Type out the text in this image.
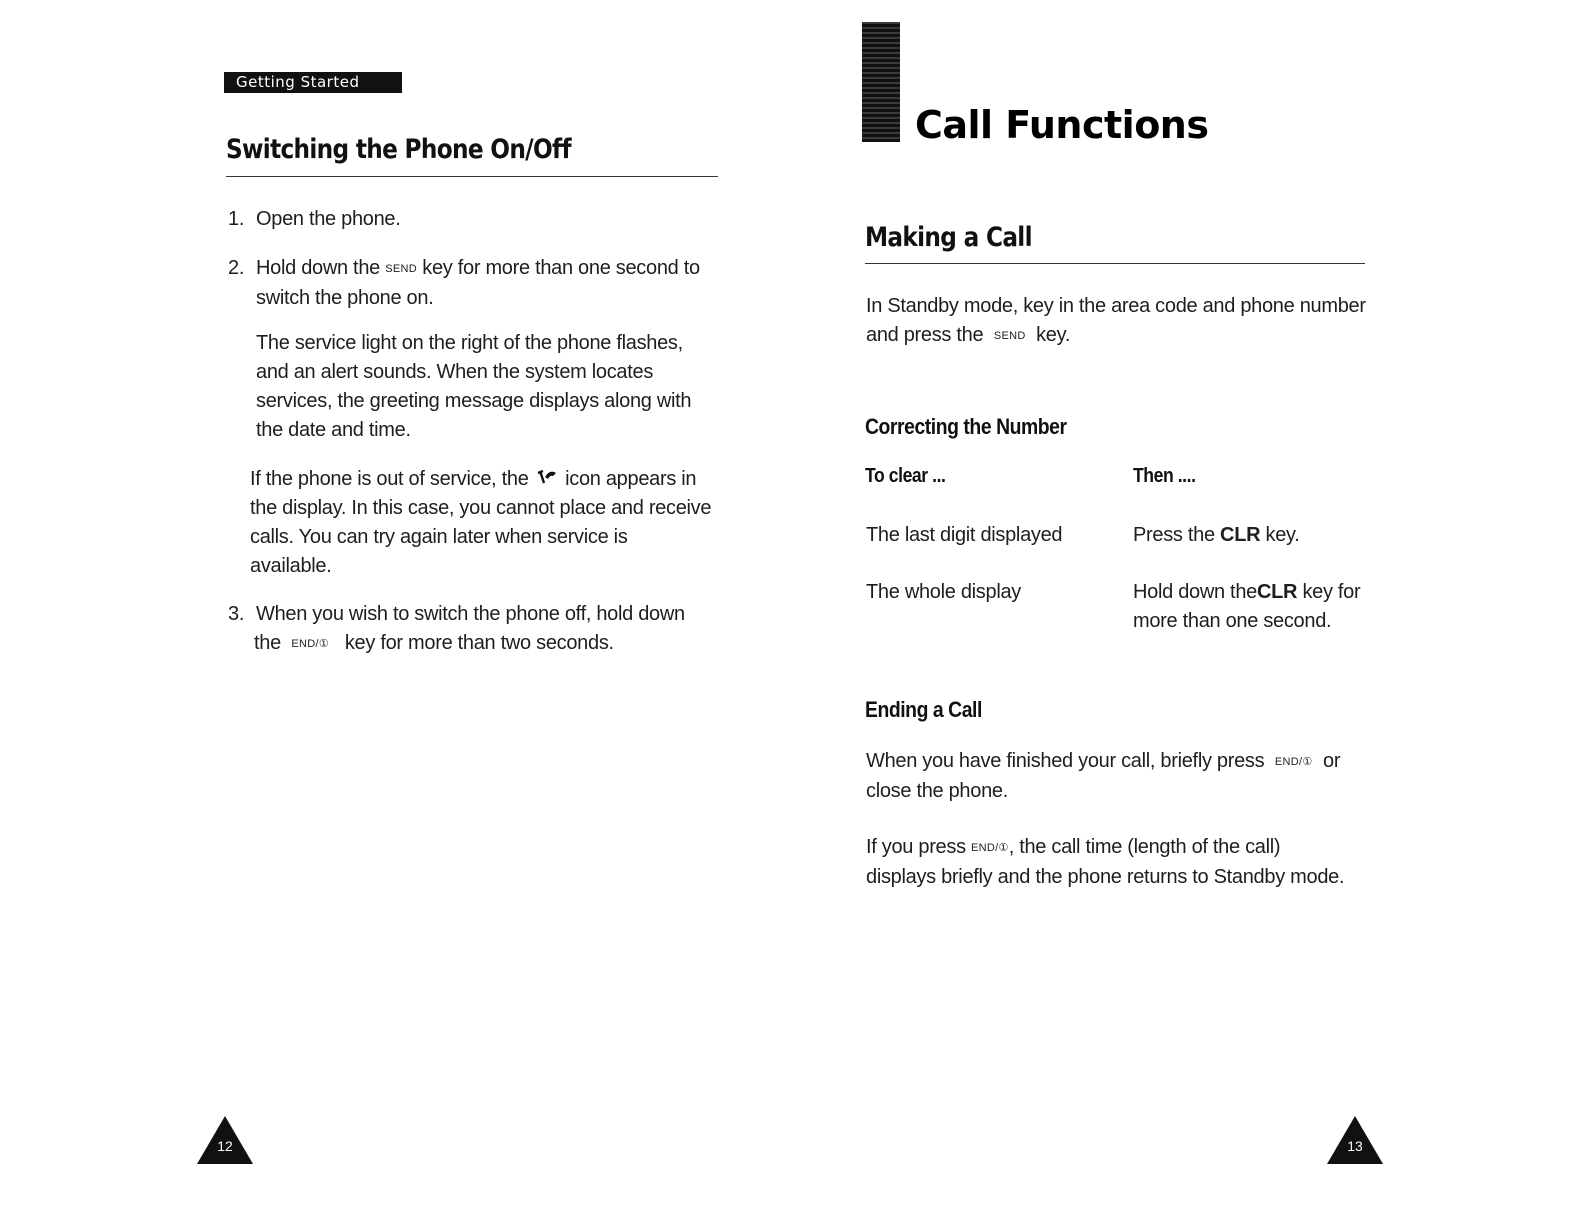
Getting Started
Switching the Phone On/Off
1. Open the phone.
2. Hold down the SEND key for more than one second to
switch the phone on.
The service light on the right of the phone flashes,
and an alert sounds. When the system locates
services, the greeting message displays along with
the date and time.
If the phone is out of service, the icon appears in
the display. In this case, you cannot place and receive
calls. You can try again later when service is
available.
3. When you wish to switch the phone off, hold down
the END/① key for more than two seconds.
12
Call Functions
Making a Call
In Standby mode, key in the area code and phone number
and press the SEND key.
Correcting the Number
To clear ...	Then ....
The last digit displayed	Press the CLR key.
The whole display	Hold down theCLR key for
more than one second.
Ending a Call
When you have finished your call, briefly press END/① or
close the phone.
If you press END/①, the call time (length of the call)
displays briefly and the phone returns to Standby mode.
13
